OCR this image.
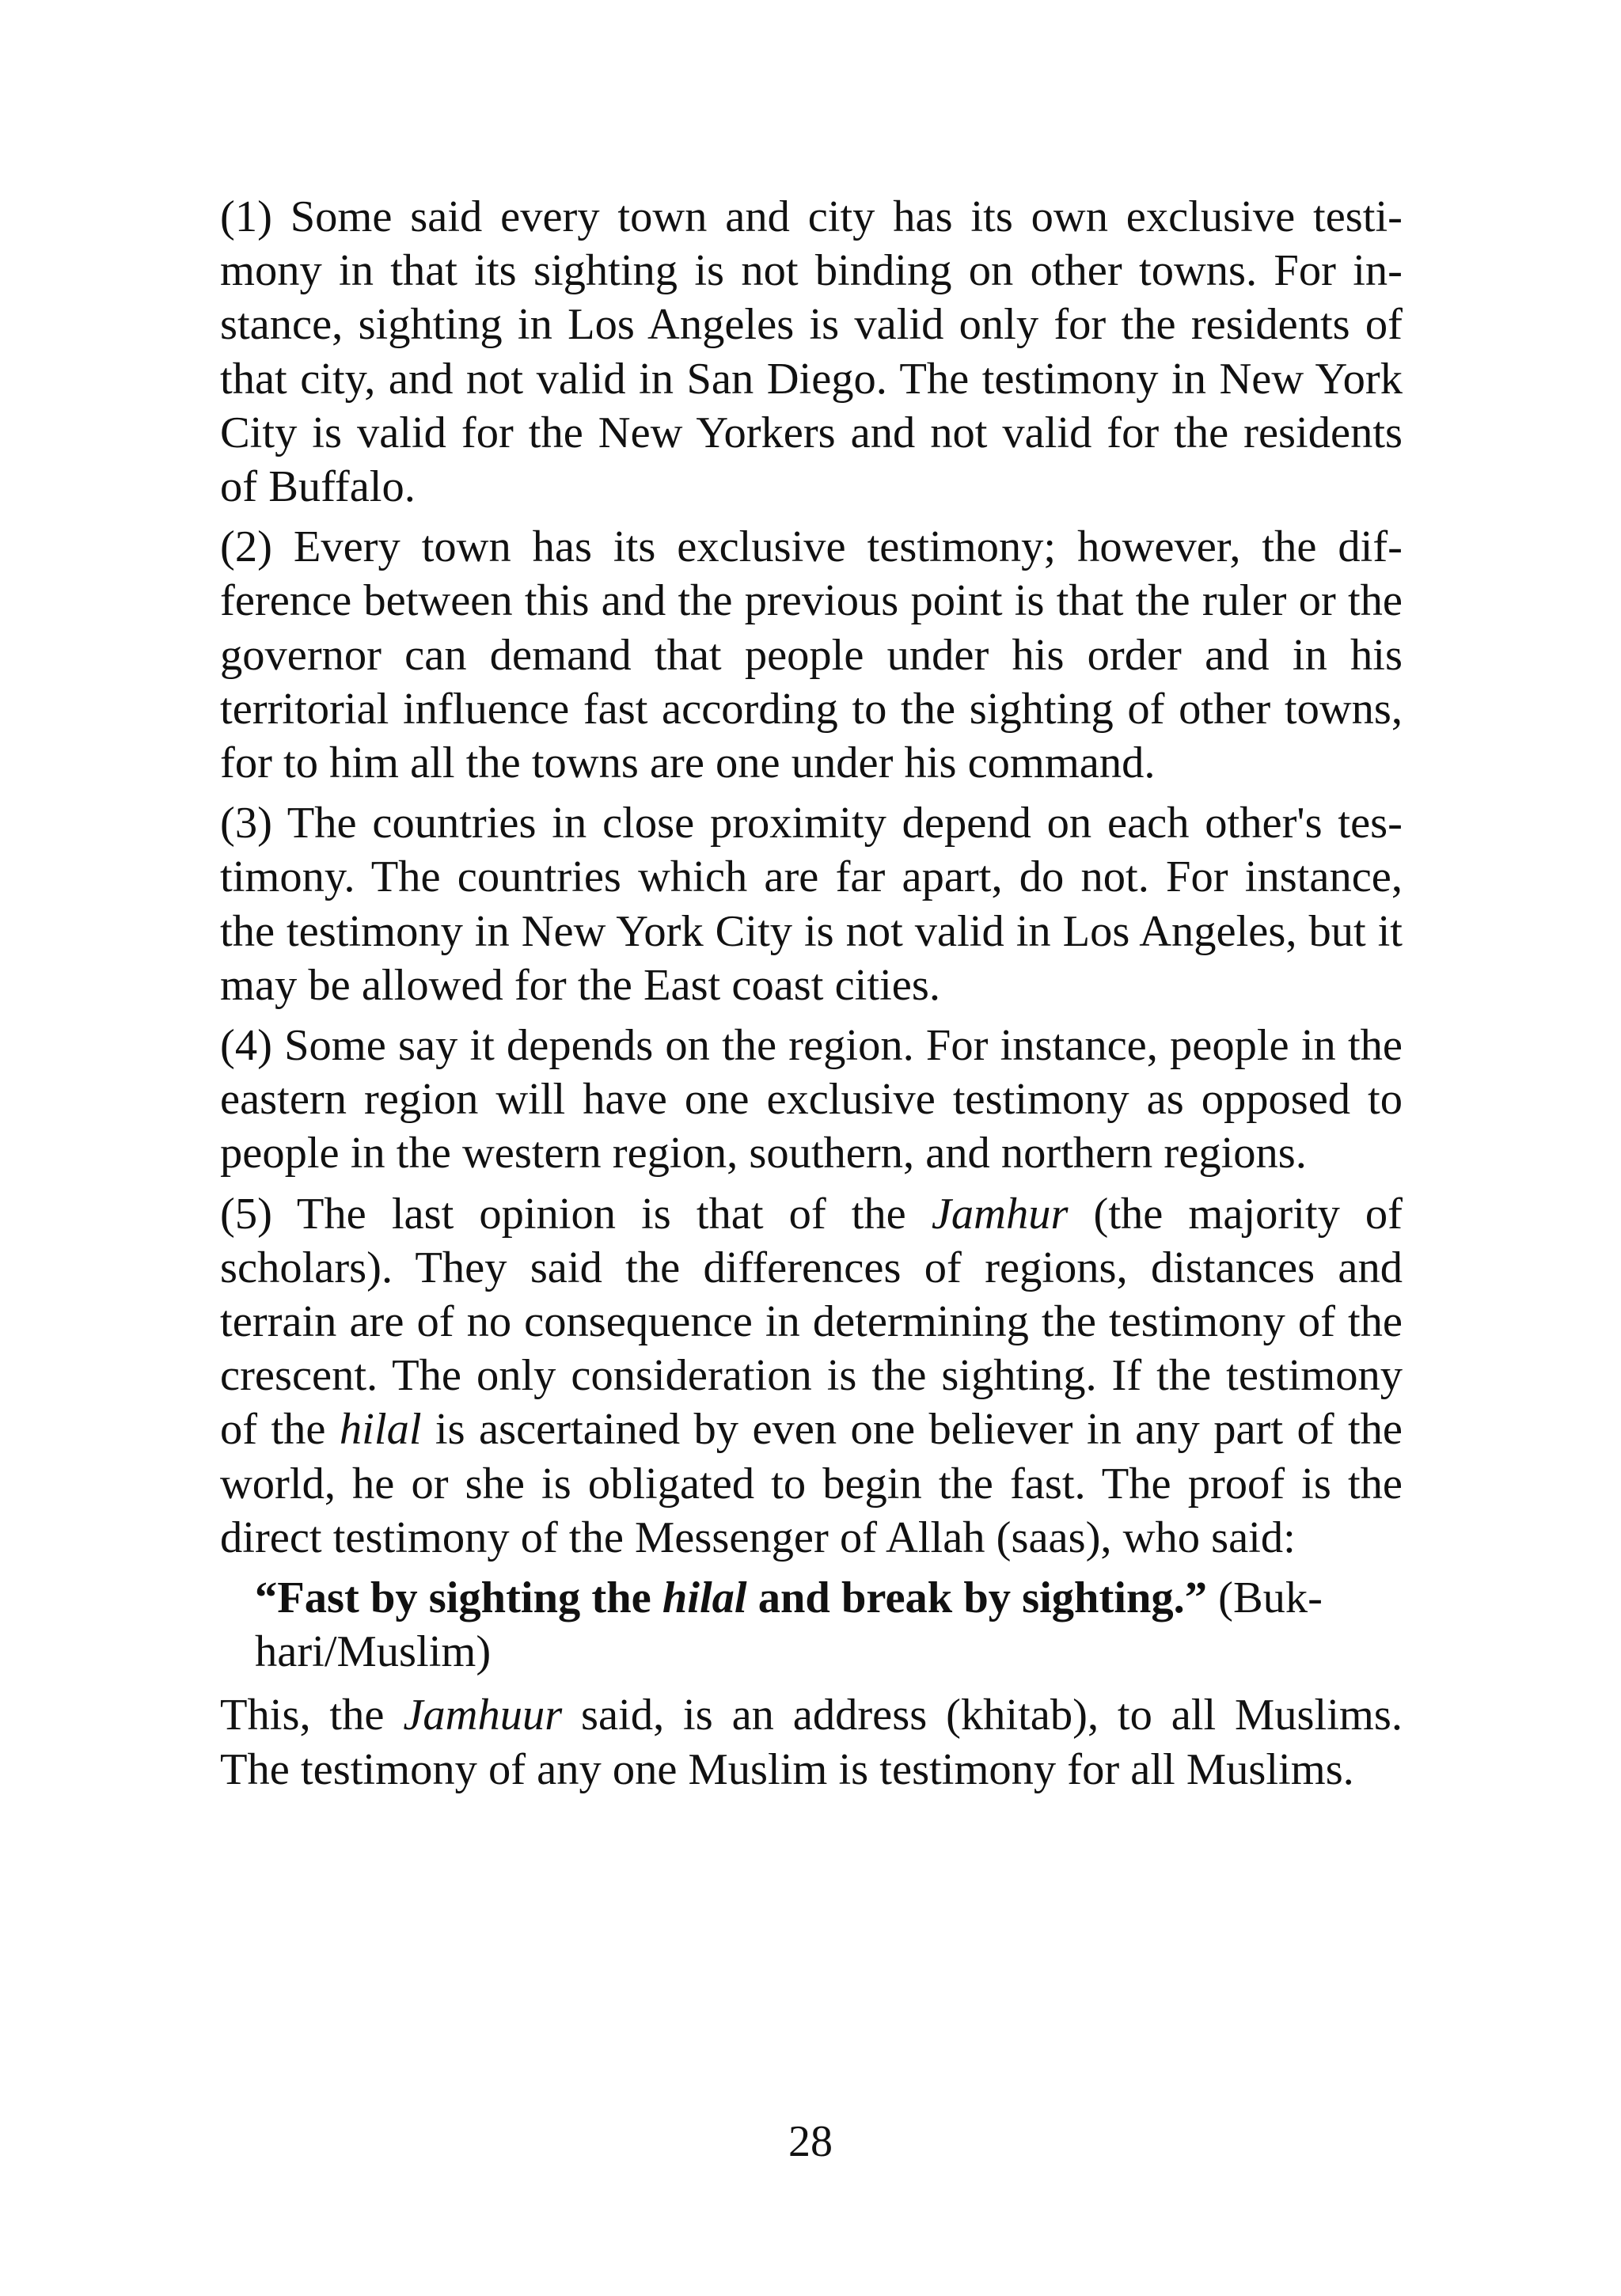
(1) Some said every town and city has its own exclusive testimony in that its sighting is not binding on other towns. For instance, sighting in Los Angeles is valid only for the residents of that city, and not valid in San Diego. The testimony in New York City is valid for the New Yorkers and not valid for the residents of Buffalo.

(2) Every town has its exclusive testimony; however, the difference between this and the previous point is that the ruler or the governor can demand that people under his order and in his territorial influence fast according to the sighting of other towns, for to him all the towns are one under his command.

(3) The countries in close proximity depend on each other's testimony. The countries which are far apart, do not. For instance, the testimony in New York City is not valid in Los Angeles, but it may be allowed for the East coast cities.

(4) Some say it depends on the region. For instance, people in the eastern region will have one exclusive testimony as opposed to people in the western region, southern, and northern regions.

(5) The last opinion is that of the Jamhur (the majority of scholars). They said the differences of regions, distances and terrain are of no consequence in determining the testimony of the crescent. The only consideration is the sighting. If the testimony of the hilal is ascertained by even one believer in any part of the world, he or she is obligated to begin the fast. The proof is the direct testimony of the Messenger of Allah (saas), who said:

“Fast by sighting the hilal and break by sighting.” (Bukhari/Muslim)

This, the Jamhuur said, is an address (khitab), to all Muslims. The testimony of any one Muslim is testimony for all Muslims.

28
